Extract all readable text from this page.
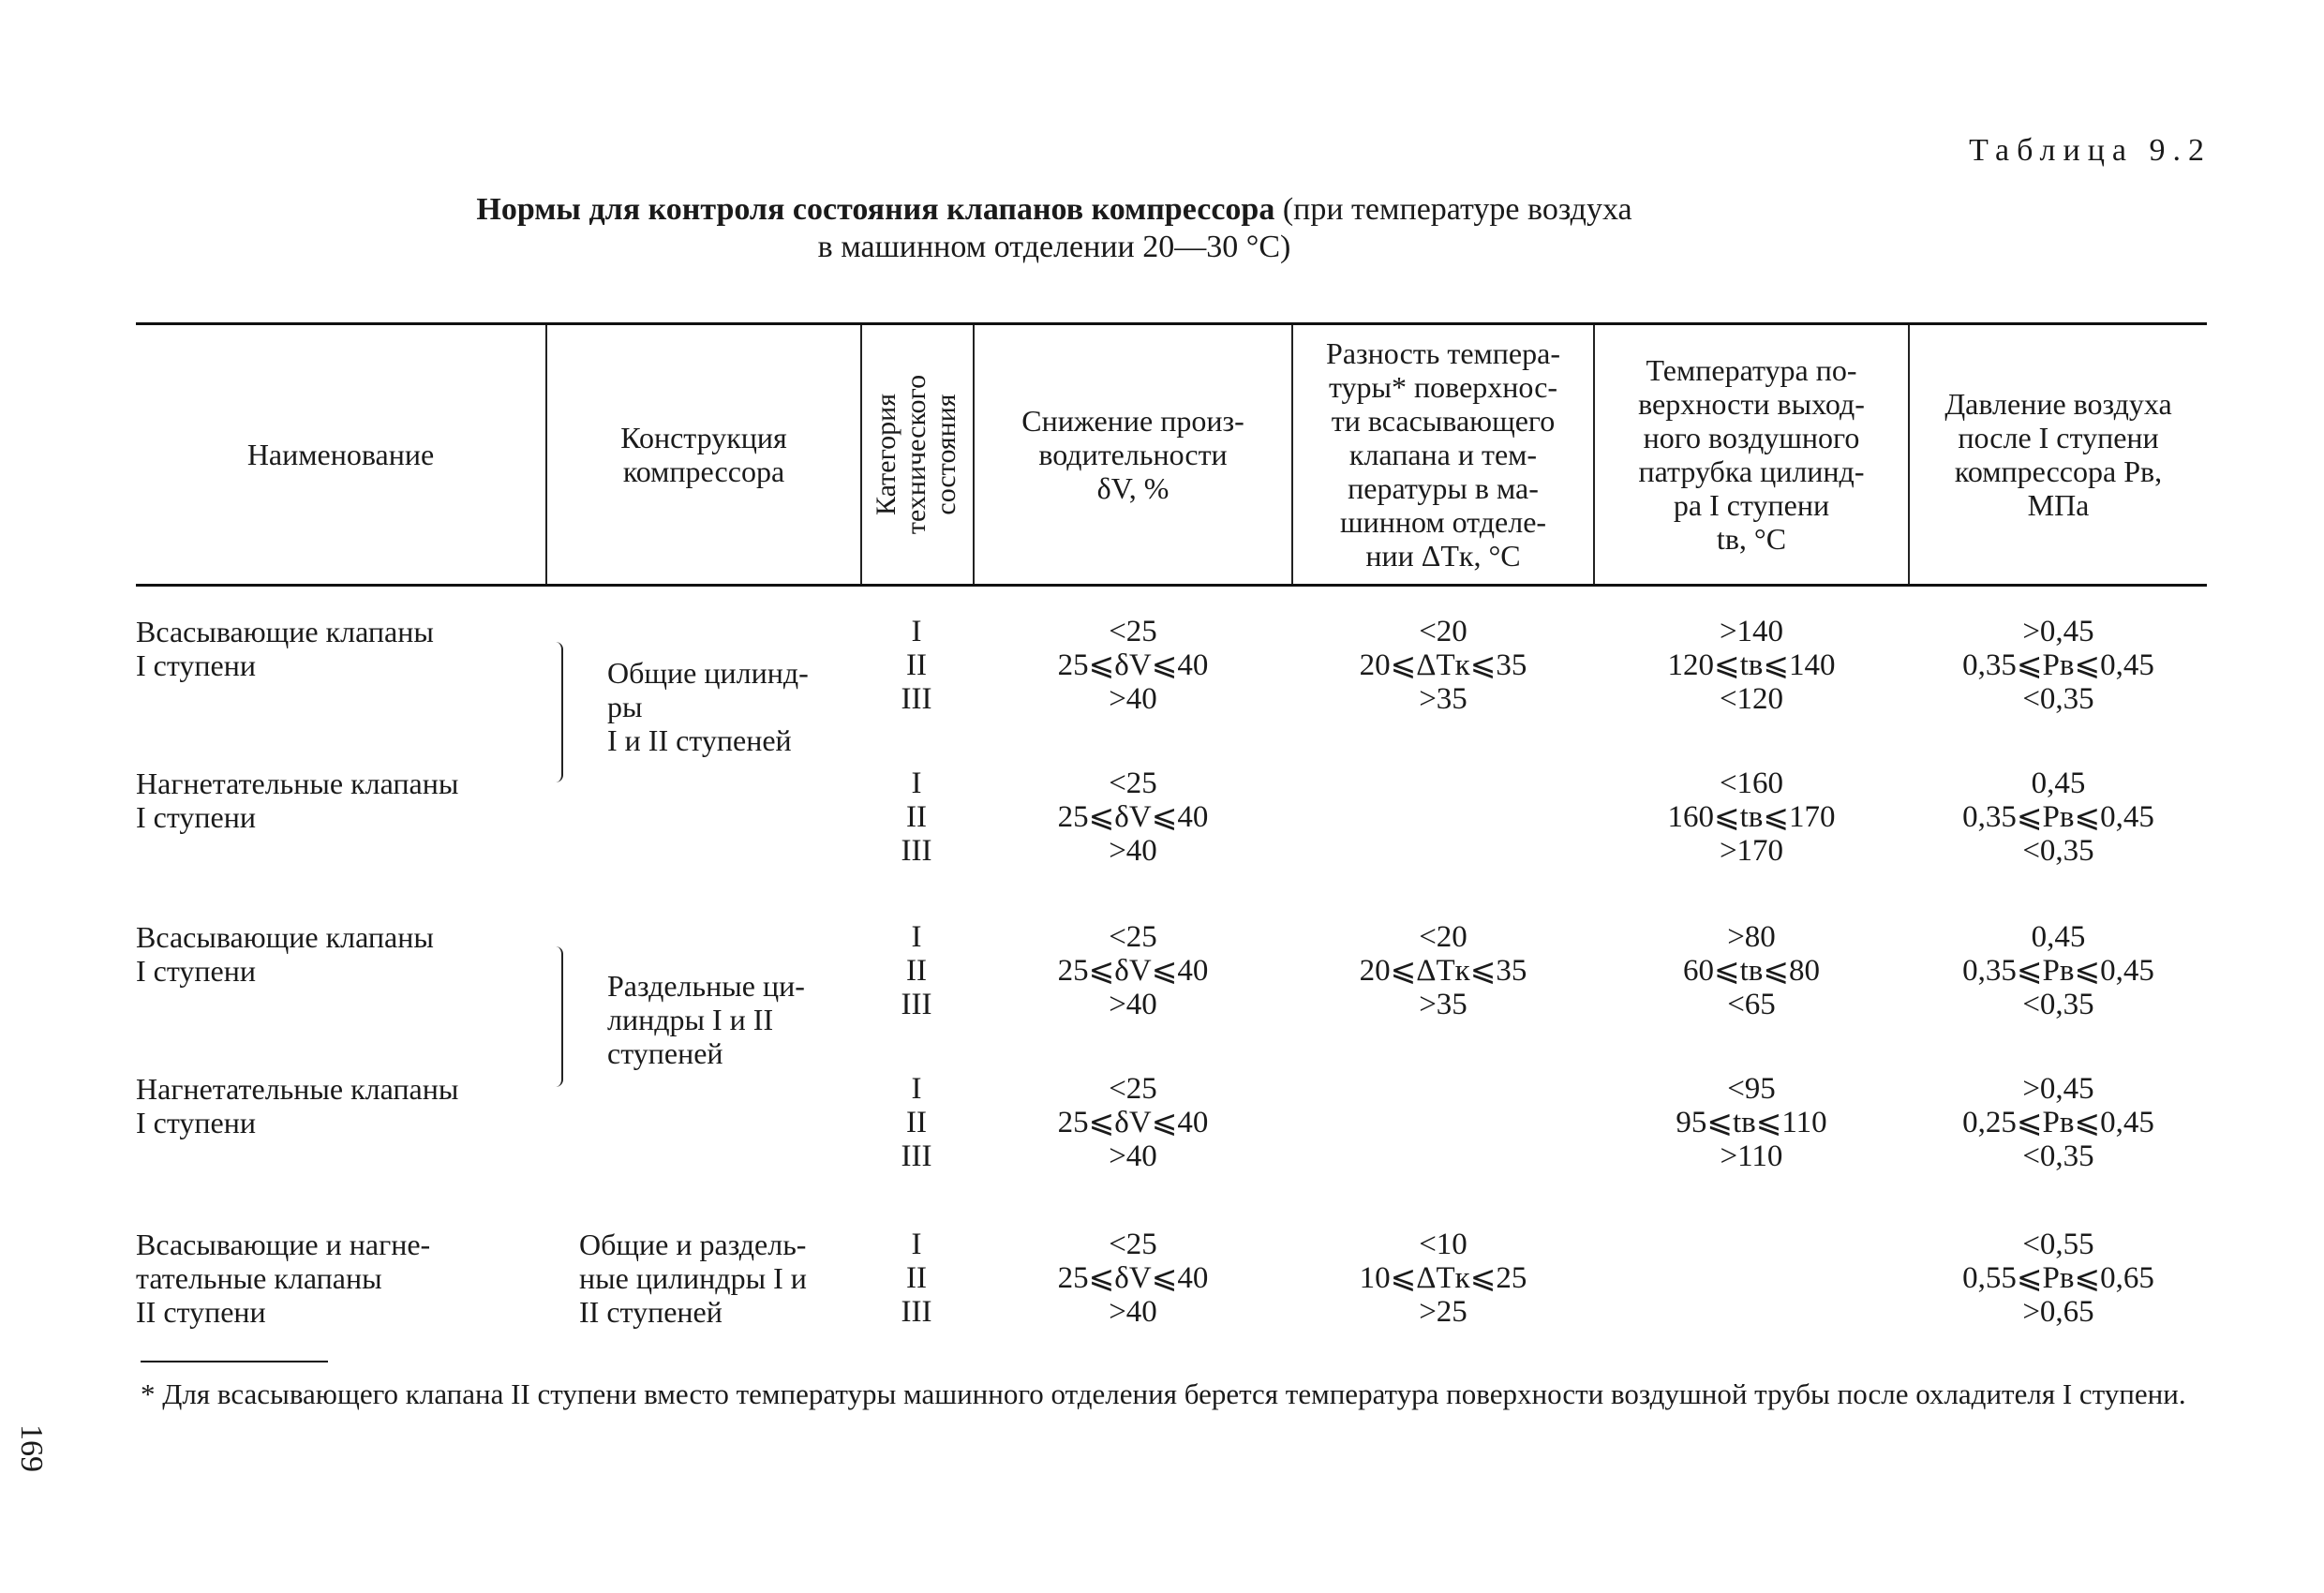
Таблица 9.2
Нормы для контроля состояния клапанов компрессора (при температуре воздуха
в машинном отделении 20—30 °С)
Наименование	Конструкция
компрессора	Категория технического состояния Снижение произ-
водительности
δV, %
Разность темпера-
туры* поверхнос-
ти всасывающего
клапана и тем-
пературы в ма-
шинном отделе-
нии ΔTк, °С
Температура по-
верхности выход-
ного воздушного
патрубка цилинд-
ра I ступени
tв, °С
Давление воздуха
после I ступени
компрессора Pв,
МПа
Всасывающие клапаны
I ступени
Нагнетательные клапаны
I ступени
Общие цилинд-
ры
I и II ступеней
I
II
III
<25
25⩽δV⩽40
>40
<20
20⩽ΔTк⩽35
>35
>140
120⩽tв⩽140
<120
>0,45
0,35⩽Pв⩽0,45
<0,35
I
II
III
<25
25⩽δV⩽40
>40
<160
160⩽tв⩽170
>170
0,45
0,35⩽Pв⩽0,45
<0,35
Всасывающие клапаны
I ступени
Нагнетательные клапаны
I ступени
Раздельные ци-
линдры I и II
ступеней
I
II
III
<25
25⩽δV⩽40
>40
<20
20⩽ΔTк⩽35
>35
>80
60⩽tв⩽80
<65
0,45
0,35⩽Pв⩽0,45
<0,35
I
II
III
<25
25⩽δV⩽40
>40
<95
95⩽tв⩽110
>110
>0,45
0,25⩽Pв⩽0,45
<0,35
Всасывающие и нагне-
тательные клапаны
II ступени
Общие и раздель-
ные цилиндры I и
II ступеней
I
II
III
<25
25⩽δV⩽40
>40
<10
10⩽ΔTк⩽25
>25
<0,55
0,55⩽Pв⩽0,65
>0,65
* Для всасывающего клапана II ступени вместо температуры машинного отделения берется температура поверхности воздушной трубы после охладителя I ступени.
169
